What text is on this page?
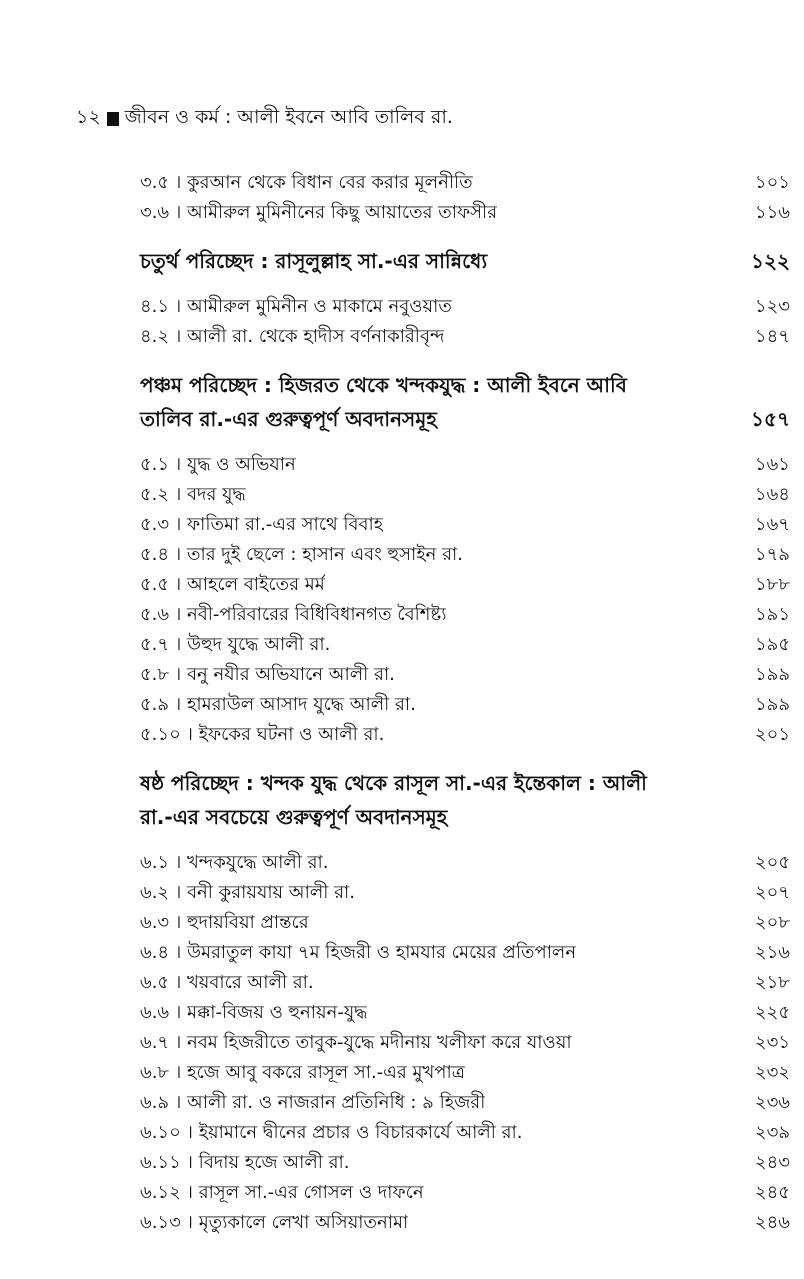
১২ জীবন ও কর্ম : আলী ইবনে আবি তালিব রা.
৩.৫ । কুরআন থেকে বিধান বের করার মূলনীতি	১০১
৩.৬ । আমীরুল মুমিনীনের কিছু আয়াতের তাফসীর	১১৬
চতুর্থ পরিচ্ছেদ : রাসূলুল্লাহ সা.-এর সান্নিধ্যে	১২২
৪.১ । আমীরুল মুমিনীন ও মাকামে নবুওয়াত	১২৩
৪.২ । আলী রা. থেকে হাদীস বর্ণনাকারীবৃন্দ	১৪৭
পঞ্চম পরিচ্ছেদ : হিজরত থেকে খন্দকযুদ্ধ : আলী ইবনে আবি
তালিব রা.-এর গুরুত্বপূর্ণ অবদানসমূহ	১৫৭
৫.১ । যুদ্ধ ও অভিযান	১৬১
৫.২ । বদর যুদ্ধ	১৬৪
৫.৩ । ফাতিমা রা.-এর সাথে বিবাহ	১৬৭
৫.৪ । তার দুই ছেলে : হাসান এবং হুসাইন রা.	১৭৯
৫.৫ । আহলে বাইতের মর্ম	১৮৮
৫.৬ । নবী-পরিবারের বিধিবিধানগত বৈশিষ্ট্য	১৯১
৫.৭ । উহুদ যুদ্ধে আলী রা.	১৯৫
৫.৮ । বনু নযীর অভিযানে আলী রা.	১৯৯
৫.৯ । হামরাউল আসাদ যুদ্ধে আলী রা.	১৯৯
৫.১০ । ইফকের ঘটনা ও আলী রা.	২০১
ষষ্ঠ পরিচ্ছেদ : খন্দক যুদ্ধ থেকে রাসূল সা.-এর ইন্তেকাল : আলী
রা.-এর সবচেয়ে গুরুত্বপূর্ণ অবদানসমূহ
৬.১ । খন্দকযুদ্ধে আলী রা.	২০৫
৬.২ । বনী কুরায়যায় আলী রা.	২০৭
৬.৩ । হুদায়বিয়া প্রান্তরে	২০৮
৬.৪ । উমরাতুল কাযা ৭ম হিজরী ও হামযার মেয়ের প্রতিপালন	২১৬
৬.৫ । খয়বারে আলী রা.	২১৮
৬.৬ । মক্কা-বিজয় ও হুনায়ন-যুদ্ধ	২২৫
৬.৭ । নবম হিজরীতে তাবুক-যুদ্ধে মদীনায় খলীফা করে যাওয়া	২৩১
৬.৮ । হজে আবু বকরে রাসূল সা.-এর মুখপাত্র	২৩২
৬.৯ । আলী রা. ও নাজরান প্রতিনিধি : ৯ হিজরী	২৩৬
৬.১০ । ইয়ামানে দ্বীনের প্রচার ও বিচারকার্যে আলী রা.	২৩৯
৬.১১ । বিদায় হজে আলী রা.	২৪৩
৬.১২ । রাসূল সা.-এর গোসল ও দাফনে	২৪৫
৬.১৩ । মৃত্যুকালে লেখা অসিয়াতনামা	২৪৬
